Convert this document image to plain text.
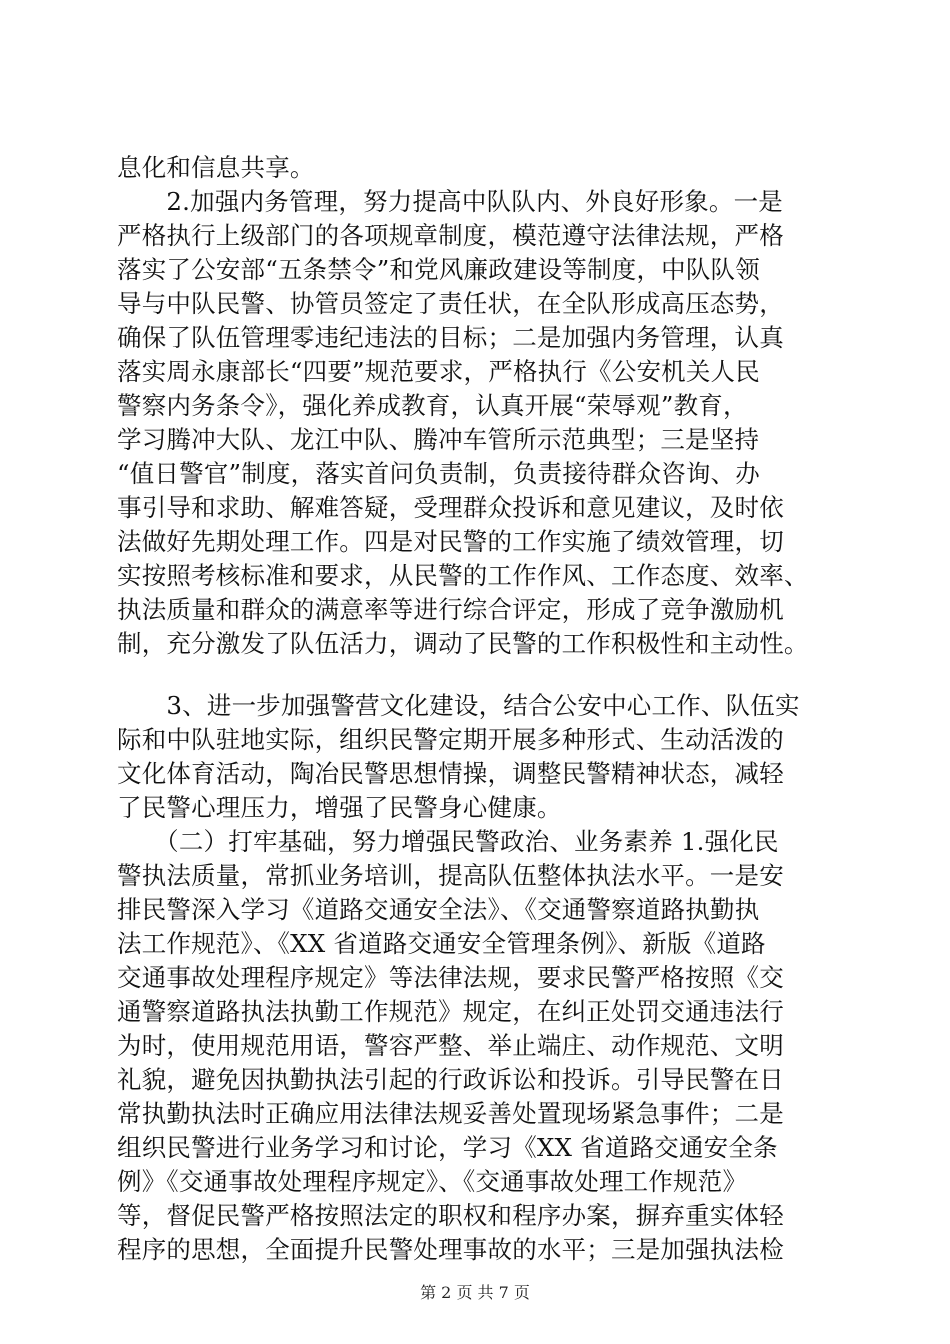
息化和信息共享。
　　2.加强内务管理，努力提高中队队内、外良好形象。一是
严格执行上级部门的各项规章制度，模范遵守法律法规，严格
落实了公安部“五条禁令”和党风廉政建设等制度，中队队领
导与中队民警、协管员签定了责任状，在全队形成高压态势，
确保了队伍管理零违纪违法的目标；二是加强内务管理，认真
落实周永康部长“四要”规范要求，严格执行《公安机关人民
警察内务条令》，强化养成教育，认真开展“荣辱观”教育，
学习腾冲大队、龙江中队、腾冲车管所示范典型；三是坚持
“值日警官”制度，落实首问负责制，负责接待群众咨询、办
事引导和求助、解难答疑，受理群众投诉和意见建议，及时依
法做好先期处理工作。四是对民警的工作实施了绩效管理，切
实按照考核标准和要求，从民警的工作作风、工作态度、效率、
执法质量和群众的满意率等进行综合评定，形成了竞争激励机
制，充分激发了队伍活力，调动了民警的工作积极性和主动性。
　　3、进一步加强警营文化建设，结合公安中心工作、队伍实
际和中队驻地实际，组织民警定期开展多种形式、生动活泼的
文化体育活动，陶冶民警思想情操，调整民警精神状态，减轻
了民警心理压力，增强了民警身心健康。
　　（二）打牢基础，努力增强民警政治、业务素养 1.强化民
警执法质量，常抓业务培训，提高队伍整体执法水平。一是安
排民警深入学习《道路交通安全法》、《交通警察道路执勤执
法工作规范》、《XX 省道路交通安全管理条例》、新版《道路
交通事故处理程序规定》等法律法规，要求民警严格按照《交
通警察道路执法执勤工作规范》规定，在纠正处罚交通违法行
为时，使用规范用语，警容严整、举止端庄、动作规范、文明
礼貌，避免因执勤执法引起的行政诉讼和投诉。引导民警在日
常执勤执法时正确应用法律法规妥善处置现场紧急事件；二是
组织民警进行业务学习和讨论，学习《XX 省道路交通安全条
例》《交通事故处理程序规定》、《交通事故处理工作规范》
等，督促民警严格按照法定的职权和程序办案，摒弃重实体轻
程序的思想，全面提升民警处理事故的水平；三是加强执法检
第 2 页 共 7 页
